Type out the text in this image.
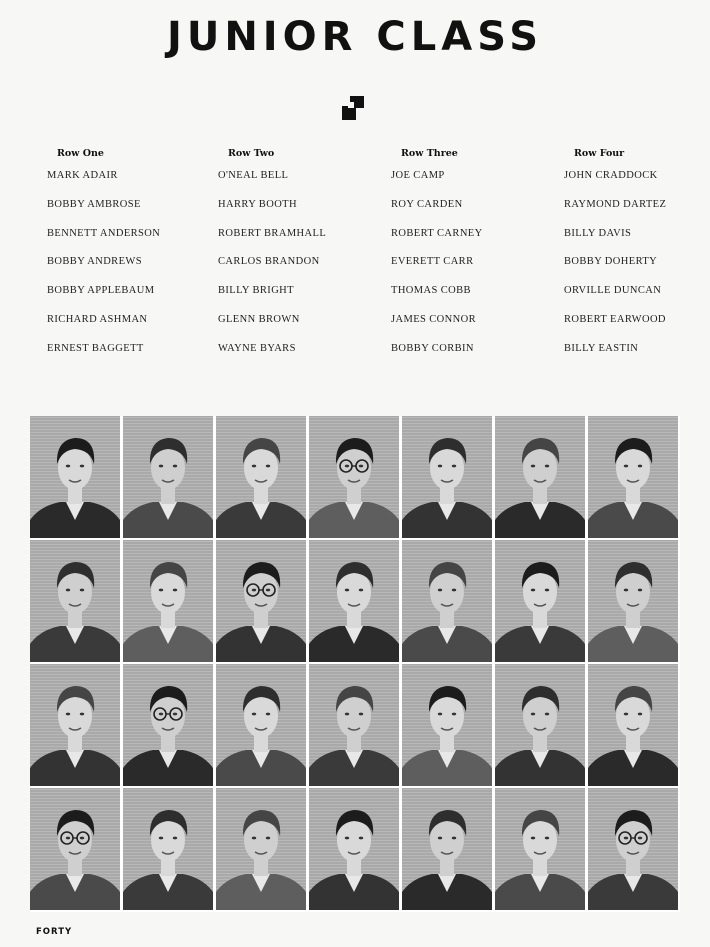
JUNIOR CLASS
Row One
MARK ADAIR
BOBBY AMBROSE
BENNETT ANDERSON
BOBBY ANDREWS
BOBBY APPLEBAUM
RICHARD ASHMAN
ERNEST BAGGETT
Row Two
O'NEAL BELL
HARRY BOOTH
ROBERT BRAMHALL
CARLOS BRANDON
BILLY BRIGHT
GLENN BROWN
WAYNE BYARS
Row Three
JOE CAMP
ROY CARDEN
ROBERT CARNEY
EVERETT CARR
THOMAS COBB
JAMES CONNOR
BOBBY CORBIN
Row Four
JOHN CRADDOCK
RAYMOND DARTEZ
BILLY DAVIS
BOBBY DOHERTY
ORVILLE DUNCAN
ROBERT EARWOOD
BILLY EASTIN
FORTY
